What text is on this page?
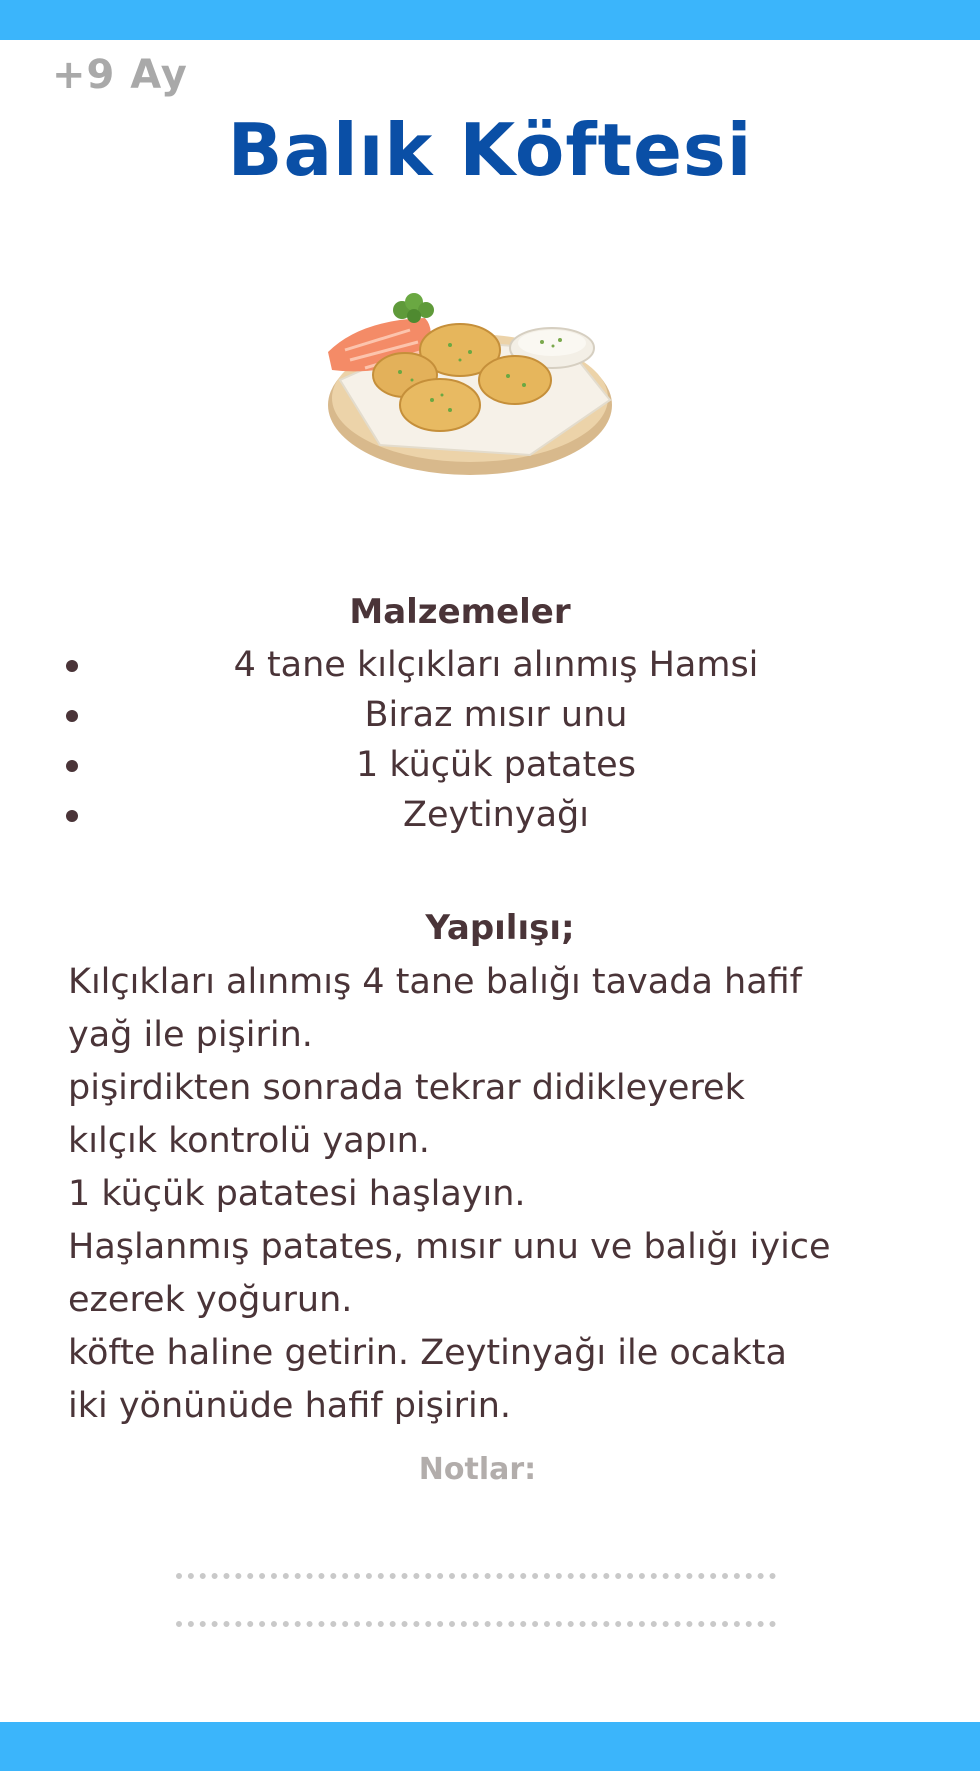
+9 Ay
Balık Köftesi
Malzemeler
4 tane kılçıkları alınmış Hamsi
Biraz mısır unu
1 küçük patates
Zeytinyağı
Yapılışı;
Kılçıkları alınmış 4 tane balığı tavada hafif
yağ ile pişirin.
pişirdikten sonrada tekrar didikleyerek
kılçık kontrolü yapın.
1 küçük patatesi haşlayın.
Haşlanmış patates, mısır unu ve balığı iyice
ezerek yoğurun.
köfte haline getirin. Zeytinyağı ile ocakta
iki yönünüde hafif pişirin.
Notlar:
